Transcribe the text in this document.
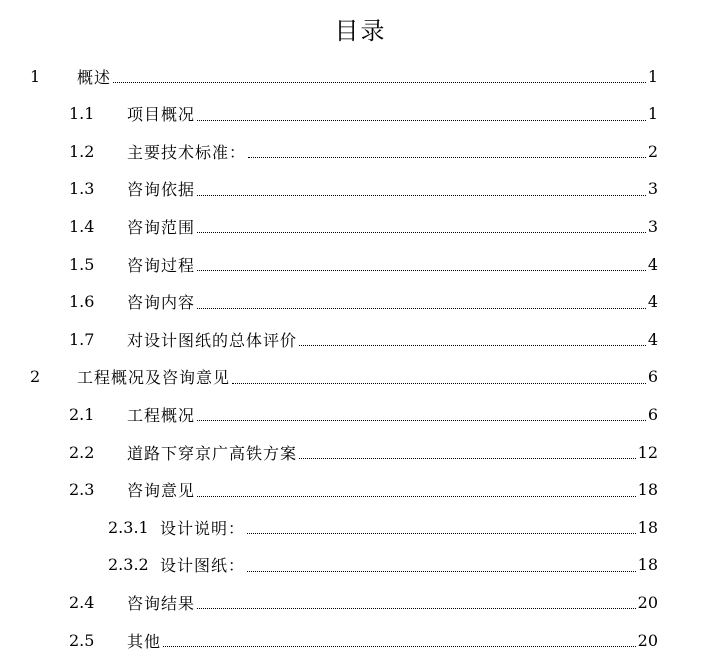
目录
1	概述	1
1.1	项目概况	1
1.2	主要技术标准：	2
1.3	咨询依据	3
1.4	咨询范围	3
1.5	咨询过程	4
1.6	咨询内容	4
1.7	对设计图纸的总体评价	4
2	工程概况及咨询意见	6
2.1	工程概况	6
2.2	道路下穿京广高铁方案	12
2.3	咨询意见	18
2.3.1 设计说明：	18
2.3.2 设计图纸：	18
2.4	咨询结果	20
2.5	其他	20
